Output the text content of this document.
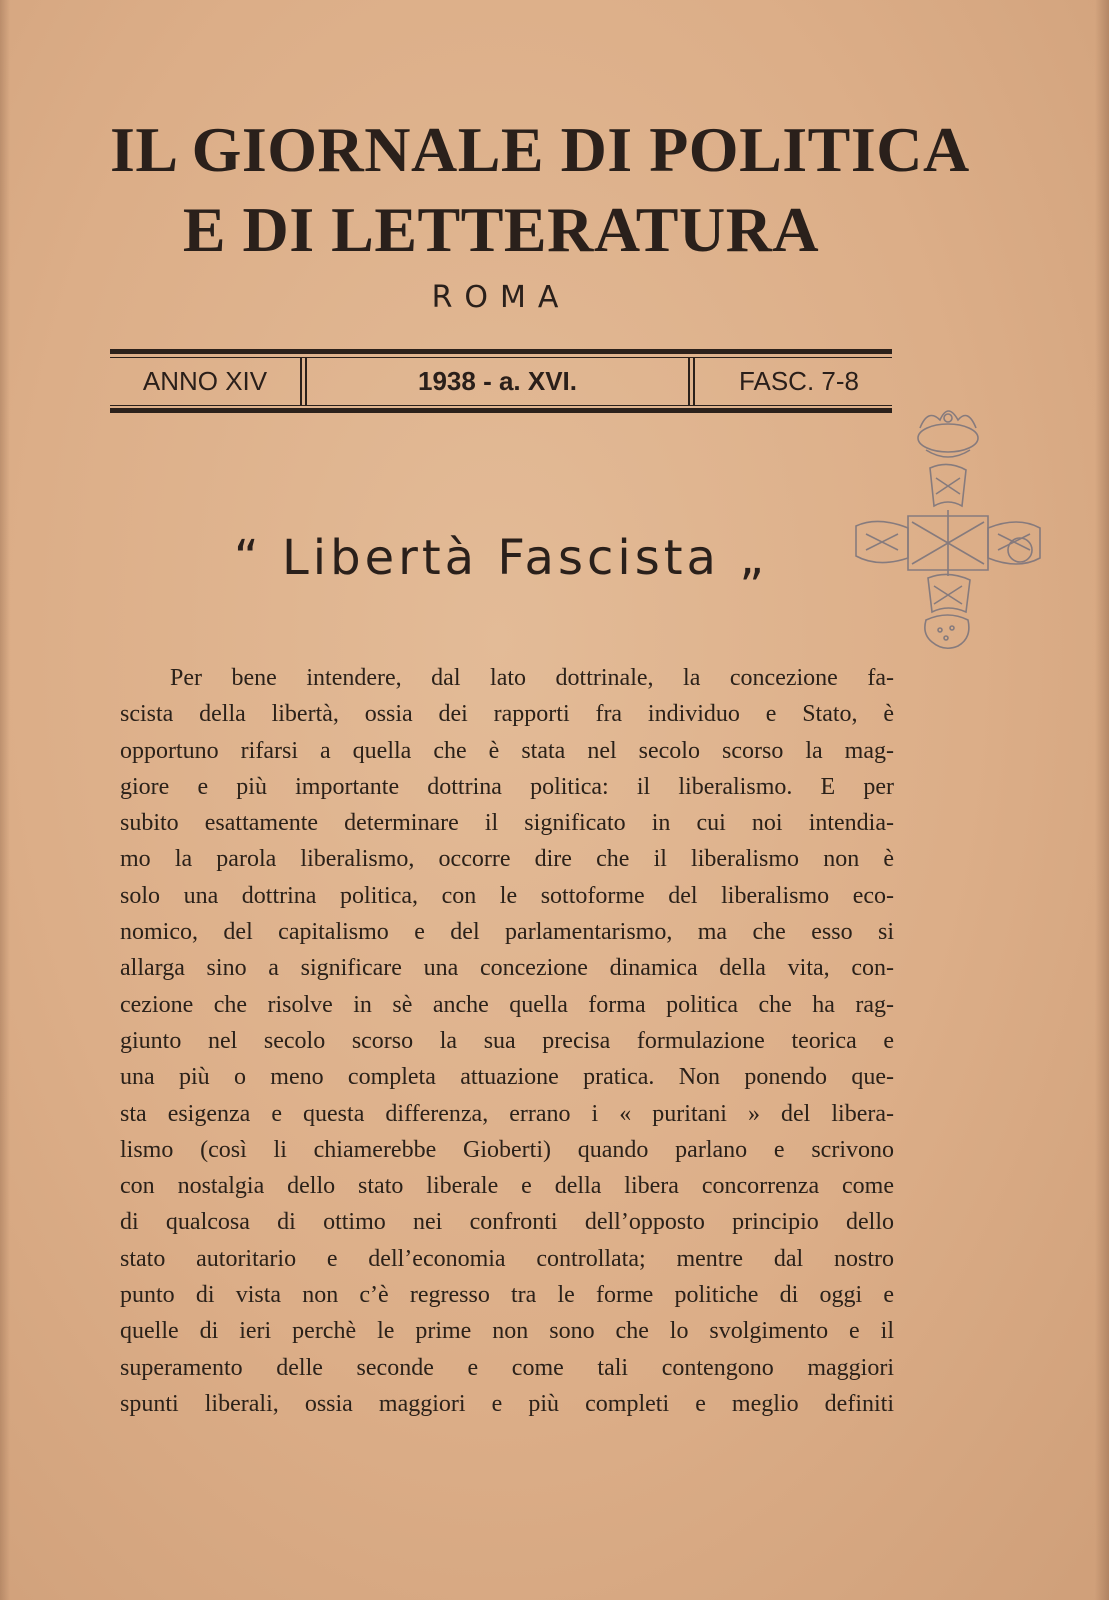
IL GIORNALE DI POLITICA
E DI LETTERATURA
ROMA
ANNO XIV	1938 - a. XVI.	FASC. 7-8
“ Libertà Fascista „
Per bene intendere, dal lato dottrinale, la concezione fa-
scista della libertà, ossia dei rapporti fra individuo e Stato, è
opportuno rifarsi a quella che è stata nel secolo scorso la mag-
giore e più importante dottrina politica: il liberalismo. E per
subito esattamente determinare il significato in cui noi intendia-
mo la parola liberalismo, occorre dire che il liberalismo non è
solo una dottrina politica, con le sottoforme del liberalismo eco-
nomico, del capitalismo e del parlamentarismo, ma che esso si
allarga sino a significare una concezione dinamica della vita, con-
cezione che risolve in sè anche quella forma politica che ha rag-
giunto nel secolo scorso la sua precisa formulazione teorica e
una più o meno completa attuazione pratica. Non ponendo que-
sta esigenza e questa differenza, errano i « puritani » del libera-
lismo (così li chiamerebbe Gioberti) quando parlano e scrivono
con nostalgia dello stato liberale e della libera concorrenza come
di qualcosa di ottimo nei confronti dell’opposto principio dello
stato autoritario e dell’economia controllata; mentre dal nostro
punto di vista non c’è regresso tra le forme politiche di oggi e
quelle di ieri perchè le prime non sono che lo svolgimento e il
superamento delle seconde e come tali contengono maggiori
spunti liberali, ossia maggiori e più completi e meglio definiti
